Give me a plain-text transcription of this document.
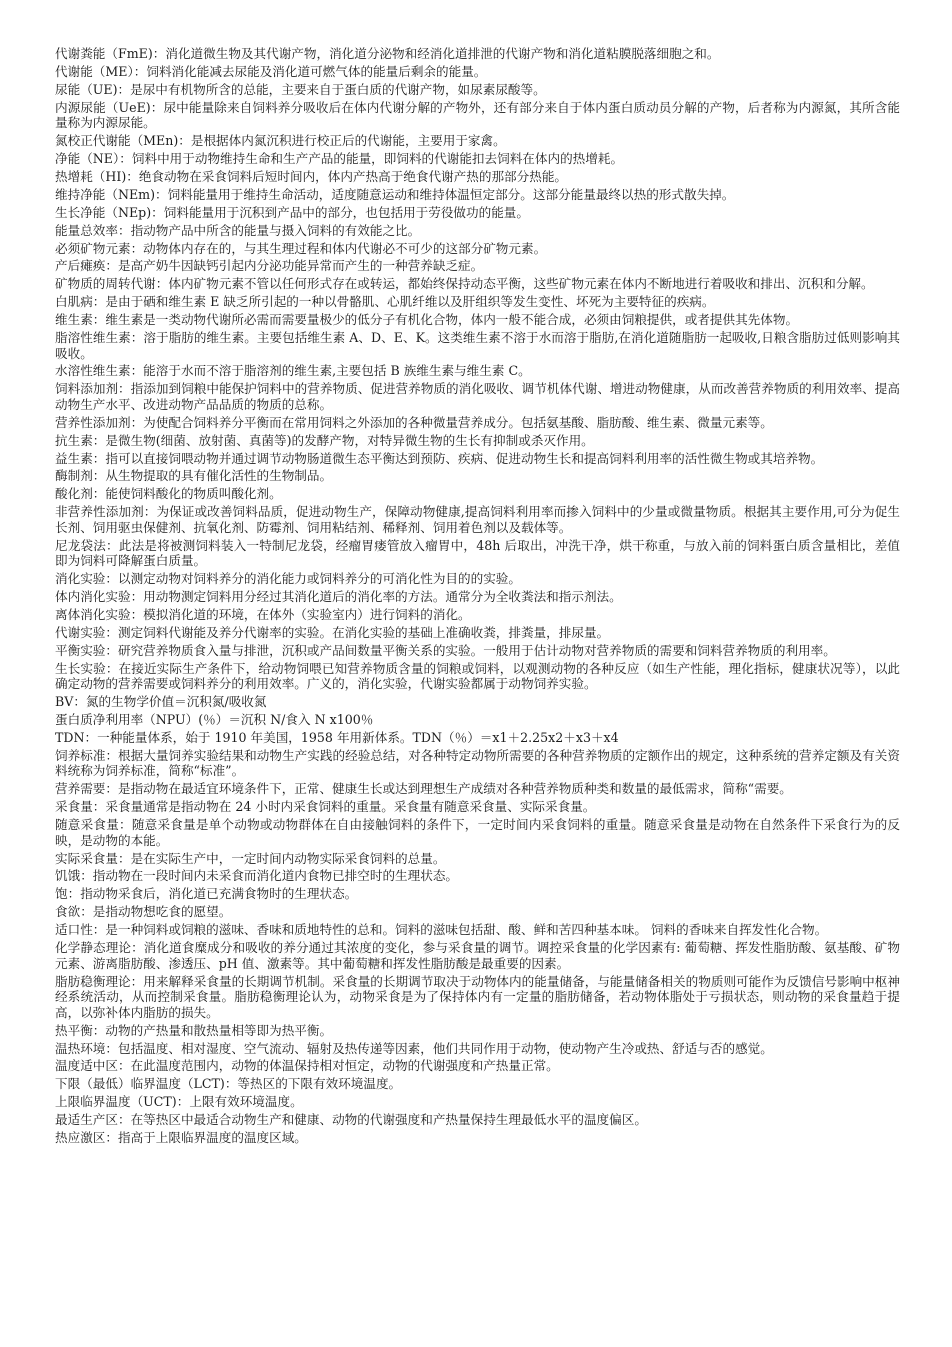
代谢粪能（FmE)：消化道微生物及其代谢产物，消化道分泌物和经消化道排泄的代谢产物和消化道粘膜脱落细胞之和。

代谢能（ME）：饲料消化能减去尿能及消化道可燃气体的能量后剩余的能量。

尿能（UE)：是尿中有机物所含的总能，主要来自于蛋白质的代谢产物，如尿素尿酸等。

内源尿能（UeE)：尿中能量除来自饲料养分吸收后在体内代谢分解的产物外，还有部分来自于体内蛋白质动员分解的产物，后者称为内源氮，其所含能量称为内源尿能。

氮校正代谢能（MEn)：是根据体内氮沉积进行校正后的代谢能，主要用于家禽。

净能（NE）：饲料中用于动物维持生命和生产产品的能量，即饲料的代谢能扣去饲料在体内的热增耗。

热增耗（HI)：绝食动物在采食饲料后短时间内，体内产热高于绝食代谢产热的那部分热能。

维持净能（NEm)：饲料能量用于维持生命活动，适度随意运动和维持体温恒定部分。这部分能量最终以热的形式散失掉。

生长净能（NEp)：饲料能量用于沉积到产品中的部分，也包括用于劳役做功的能量。

能量总效率：指动物产品中所含的能量与摄入饲料的有效能之比。

必须矿物元素：动物体内存在的，与其生理过程和体内代谢必不可少的这部分矿物元素。

产后瘫痪：是高产奶牛因缺钙引起内分泌功能异常而产生的一种营养缺乏症。

矿物质的周转代谢：体内矿物元素不管以任何形式存在或转运，都始终保持动态平衡，这些矿物元素在体内不断地进行着吸收和排出、沉积和分解。

白肌病：是由于硒和维生素 E 缺乏所引起的一种以骨骼肌、心肌纤维以及肝组织等发生变性、坏死为主要特征的疾病。

维生素：维生素是一类动物代谢所必需而需要量极少的低分子有机化合物，体内一般不能合成，必须由饲粮提供，或者提供其先体物。

脂溶性维生素：溶于脂肪的维生素。主要包括维生素 A、D、E、K。这类维生素不溶于水而溶于脂肪,在消化道随脂肪一起吸收,日粮含脂肪过低则影响其吸收。

水溶性维生素：能溶于水而不溶于脂溶剂的维生素,主要包括 B 族维生素与维生素 C。

饲料添加剂：指添加到饲粮中能保护饲料中的营养物质、促进营养物质的消化吸收、调节机体代谢、增进动物健康，从而改善营养物质的利用效率、提高动物生产水平、改进动物产品品质的物质的总称。

营养性添加剂：为使配合饲料养分平衡而在常用饲料之外添加的各种微量营养成分。包括氨基酸、脂肪酸、维生素、微量元素等。

抗生素：是微生物(细菌、放射菌、真菌等)的发酵产物，对特异微生物的生长有抑制或杀灭作用。

益生素：指可以直接饲喂动物并通过调节动物肠道微生态平衡达到预防、疾病、促进动物生长和提高饲料利用率的活性微生物或其培养物。

酶制剂：从生物提取的具有催化活性的生物制品。

酸化剂：能使饲料酸化的物质叫酸化剂。

非营养性添加剂：为保证或改善饲料品质，促进动物生产，保障动物健康,提高饲料利用率而掺入饲料中的少量或微量物质。根据其主要作用,可分为促生长剂、饲用驱虫保健剂、抗氧化剂、防霉剂、饲用粘结剂、稀释剂、饲用着色剂以及载体等。

尼龙袋法：此法是将被测饲料装入一特制尼龙袋，经瘤胃瘘管放入瘤胃中，48h 后取出，冲洗干净，烘干称重，与放入前的饲料蛋白质含量相比，差值即为饲料可降解蛋白质量。

消化实验：以测定动物对饲料养分的消化能力或饲料养分的可消化性为目的的实验。

体内消化实验：用动物测定饲料用分经过其消化道后的消化率的方法。通常分为全收粪法和指示剂法。

离体消化实验：模拟消化道的环境，在体外（实验室内）进行饲料的消化。

代谢实验：测定饲料代谢能及养分代谢率的实验。在消化实验的基础上准确收粪，排粪量，排尿量。

平衡实验：研究营养物质食入量与排泄，沉积或产品间数量平衡关系的实验。一般用于估计动物对营养物质的需要和饲料营养物质的利用率。

生长实验：在接近实际生产条件下，给动物饲喂已知营养物质含量的饲粮或饲料，以观测动物的各种反应（如生产性能，理化指标，健康状况等），以此确定动物的营养需要或饲料养分的利用效率。广义的，消化实验，代谢实验都属于动物饲养实验。

BV：氮的生物学价值＝沉积氮/吸收氮

蛋白质净利用率（NPU）(％）＝沉积 N/食入 N x100％

TDN：一种能量体系，始于 1910 年美国，1958 年用新体系。TDN（％）＝x1＋2.25x2＋x3＋x4

饲养标准：根据大量饲养实验结果和动物生产实践的经验总结，对各种特定动物所需要的各种营养物质的定额作出的规定，这种系统的营养定额及有关资料统称为饲养标准，简称“标准”。

营养需要：是指动物在最适宜环境条件下，正常、健康生长或达到理想生产成绩对各种营养物质种类和数量的最低需求，简称“需要。

采食量：采食量通常是指动物在 24 小时内采食饲料的重量。采食量有随意采食量、实际采食量。

随意采食量：随意采食量是单个动物或动物群体在自由接触饲料的条件下，一定时间内采食饲料的重量。随意采食量是动物在自然条件下采食行为的反映，是动物的本能。

实际采食量：是在实际生产中，一定时间内动物实际采食饲料的总量。

饥饿：指动物在一段时间内未采食而消化道内食物已排空时的生理状态。

饱：指动物采食后，消化道已充满食物时的生理状态。

食欲：是指动物想吃食的愿望。

适口性：是一种饲料或饲粮的滋味、香味和质地特性的总和。饲料的滋味包括甜、酸、鲜和苦四种基本味。 饲料的香味来自挥发性化合物。

化学静态理论：消化道食糜成分和吸收的养分通过其浓度的变化，参与采食量的调节。调控采食量的化学因素有: 葡萄糖、挥发性脂肪酸、氨基酸、矿物元素、游离脂肪酸、渗透压、pH 值、激素等。其中葡萄糖和挥发性脂肪酸是最重要的因素。

脂肪稳衡理论：用来解释采食量的长期调节机制。采食量的长期调节取决于动物体内的能量储备，与能量储备相关的物质则可能作为反馈信号影响中枢神经系统活动，从而控制采食量。脂肪稳衡理论认为，动物采食是为了保持体内有一定量的脂肪储备，若动物体脂处于亏损状态，则动物的采食量趋于提高，以弥补体内脂肪的损失。

热平衡：动物的产热量和散热量相等即为热平衡。

温热环境：包括温度、相对湿度、空气流动、辐射及热传递等因素，他们共同作用于动物，使动物产生冷或热、舒适与否的感觉。

温度适中区：在此温度范围内，动物的体温保持相对恒定，动物的代谢强度和产热量正常。

下限（最低）临界温度（LCT)：等热区的下限有效环境温度。

上限临界温度（UCT)：上限有效环境温度。

最适生产区：在等热区中最适合动物生产和健康、动物的代谢强度和产热量保持生理最低水平的温度偏区。

热应激区：指高于上限临界温度的温度区域。
